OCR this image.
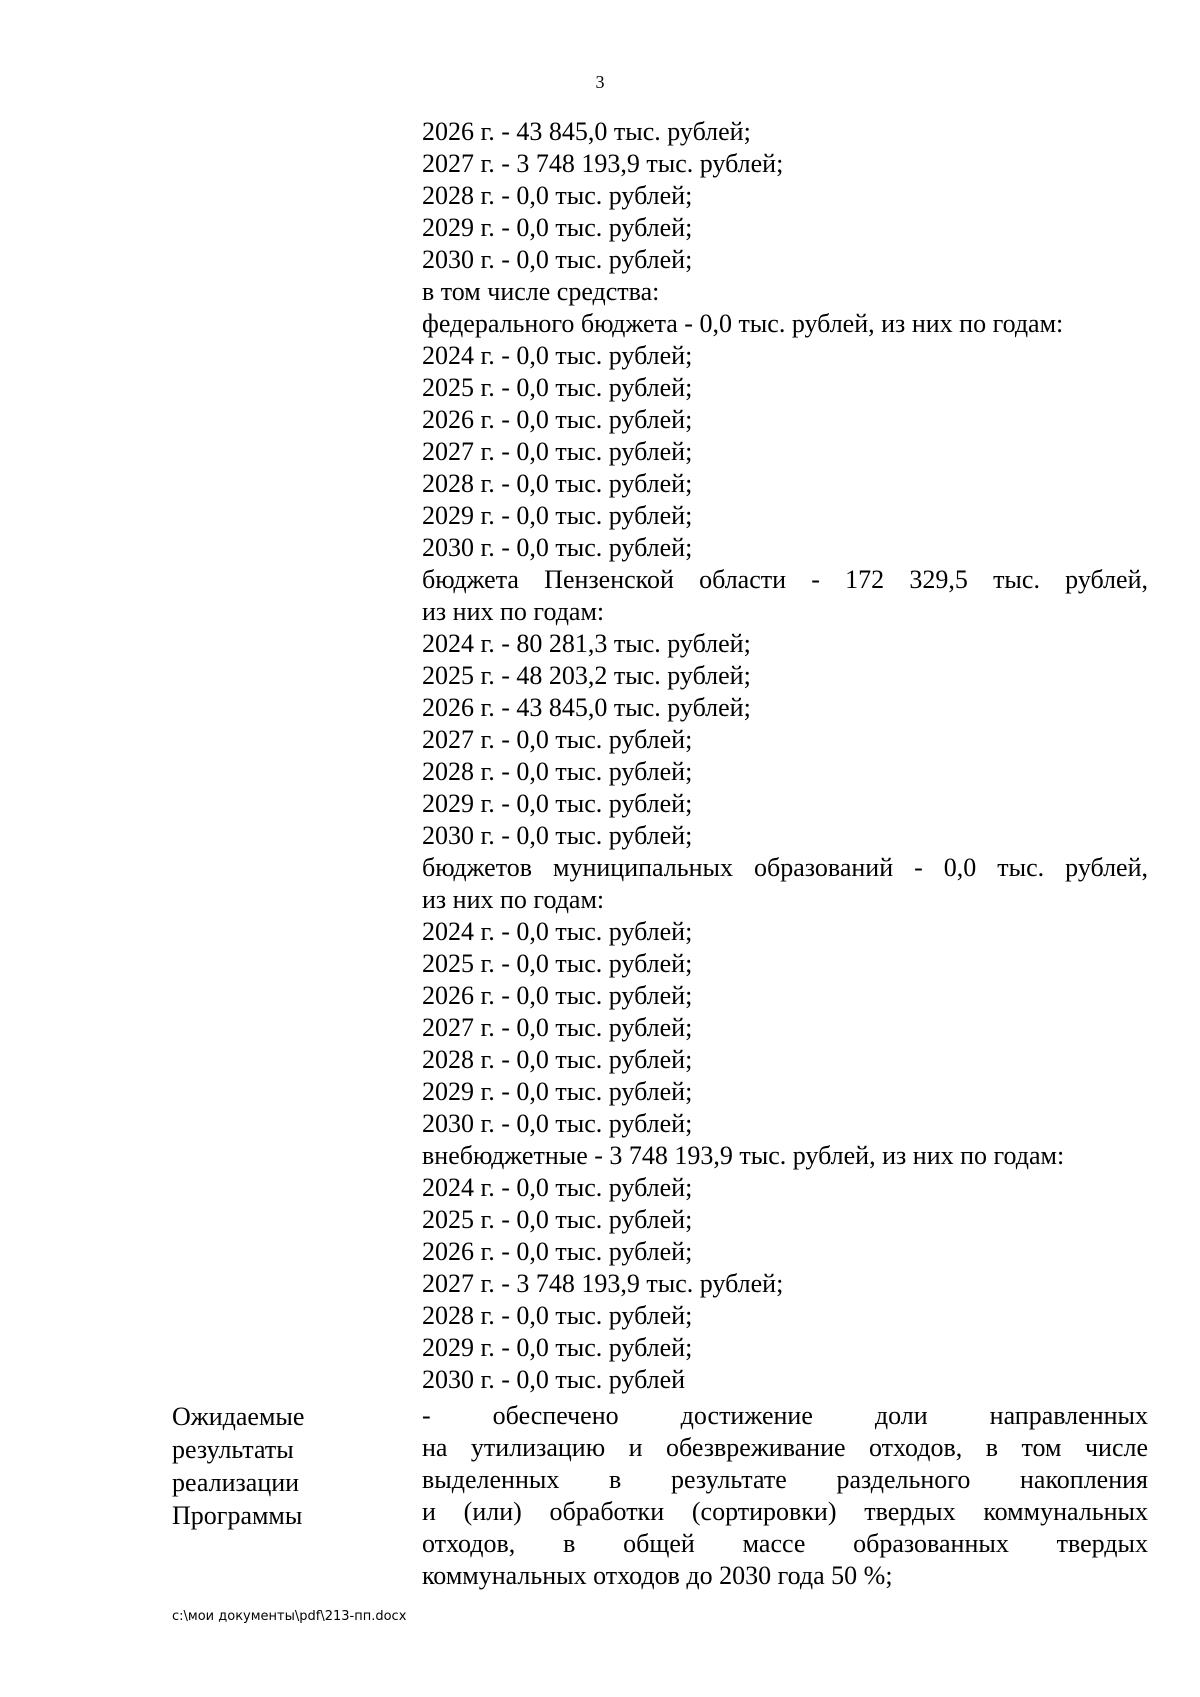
3
2026 г. - 43 845,0 тыс. рублей;
2027 г. - 3 748 193,9 тыс. рублей;
2028 г. - 0,0 тыс. рублей;
2029 г. - 0,0 тыс. рублей;
2030 г. - 0,0 тыс. рублей;
в том числе средства:
федерального бюджета - 0,0 тыс. рублей, из них по годам:
2024 г. - 0,0 тыс. рублей;
2025 г. - 0,0 тыс. рублей;
2026 г. - 0,0 тыс. рублей;
2027 г. - 0,0 тыс. рублей;
2028 г. - 0,0 тыс. рублей;
2029 г. - 0,0 тыс. рублей;
2030 г. - 0,0 тыс. рублей;
бюджета Пензенской области - 172 329,5 тыс. рублей,
из них по годам:
2024 г. - 80 281,3 тыс. рублей;
2025 г. - 48 203,2 тыс. рублей;
2026 г. - 43 845,0 тыс. рублей;
2027 г. - 0,0 тыс. рублей;
2028 г. - 0,0 тыс. рублей;
2029 г. - 0,0 тыс. рублей;
2030 г. - 0,0 тыс. рублей;
бюджетов муниципальных образований - 0,0 тыс. рублей,
из них по годам:
2024 г. - 0,0 тыс. рублей;
2025 г. - 0,0 тыс. рублей;
2026 г. - 0,0 тыс. рублей;
2027 г. - 0,0 тыс. рублей;
2028 г. - 0,0 тыс. рублей;
2029 г. - 0,0 тыс. рублей;
2030 г. - 0,0 тыс. рублей;
внебюджетные - 3 748 193,9 тыс. рублей, из них по годам:
2024 г. - 0,0 тыс. рублей;
2025 г. - 0,0 тыс. рублей;
2026 г. - 0,0 тыс. рублей;
2027 г. - 3 748 193,9 тыс. рублей;
2028 г. - 0,0 тыс. рублей;
2029 г. - 0,0 тыс. рублей;
2030 г. - 0,0 тыс. рублей
Ожидаемые
результаты
реализации
Программы
- обеспечено достижение доли направленных
на утилизацию и обезвреживание отходов, в том числе
выделенных в результате раздельного накопления
и (или) обработки (сортировки) твердых коммунальных
отходов, в общей массе образованных твердых
коммунальных отходов до 2030 года 50 %;
c:\мои документы\pdf\213-пп.docx
